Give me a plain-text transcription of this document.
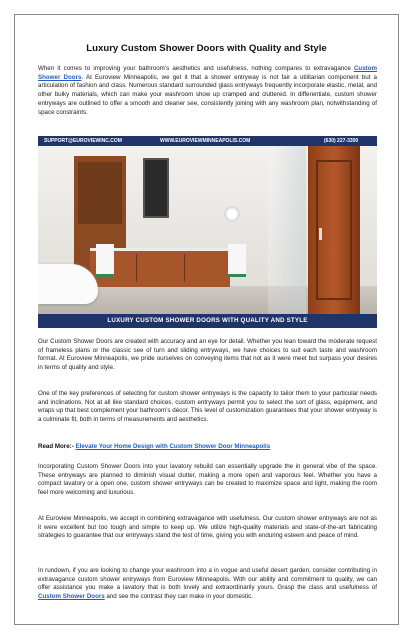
Luxury Custom Shower Doors with Quality and Style

When it comes to improving your bathroom’s aesthetics and usefulness, nothing compares to extravagance Custom Shower Doors. At Euroview Minneapolis, we get it that a shower entryway is not fair a utilitarian component but a articulation of fashion and class. Numerous standard surrounded glass entryways frequently incorporate elastic, metal, and other bulky materials, which can make your washroom show up cramped and cluttered. In differentiate, custom shower entryways are outlined to offer a smooth and cleaner see, consistently joining with any washroom plan, notwithstanding of space constraints.

SUPPORT@EUROVIEWINC.COM	WWW.EUROVIEWMINNEAPOLIS.COM	(630) 227-3300
LUXURY CUSTOM SHOWER DOORS WITH QUALITY AND STYLE

Our Custom Shower Doors are created with accuracy and an eye for detail. Whether you lean toward the moderate request of frameless plans or the classic see of turn and sliding entryways, we have choices to suit each taste and washroom format. At Euroview Minneapolis, we pride ourselves on conveying items that not as it were meet but surpass your desires in terms of quality and style.

One of the key preferences of selecting for custom shower entryways is the capacity to tailor them to your particular needs and inclinations. Not at all like standard choices, custom entryways permit you to select the sort of glass, equipment, and wraps up that best complement your bathroom’s décor. This level of customization guarantees that your shower entryway is a culminate fit, both in terms of measurements and aesthetics.

Read More:- Elevate Your Home Design with Custom Shower Door Minneapolis

Incorporating Custom Shower Doors into your lavatory rebuild can essentially upgrade the in general vibe of the space. These entryways are planned to diminish visual clutter, making a more open and vaporous feel. Whether you have a compact lavatory or a open one, custom shower entryways can be created to maximize space and light, making the room feel more welcoming and luxurious.

At Euroview Minneapolis, we accept in combining extravagance with usefulness. Our custom shower entryways are not as it were excellent but too tough and simple to keep up. We utilize high-quality materials and state-of-the-art fabricating strategies to guarantee that our entryways stand the test of time, giving you with enduring esteem and peace of mind.

In rundown, if you are looking to change your washroom into a in vogue and useful desert garden, consider contributing in extravagance custom shower entryways from Euroview Minneapolis. With our ability and commitment to quality, we can offer assistance you make a lavatory that is both lovely and extraordinarily yours. Grasp the class and usefulness of Custom Shower Doors and see the contrast they can make in your domestic.
